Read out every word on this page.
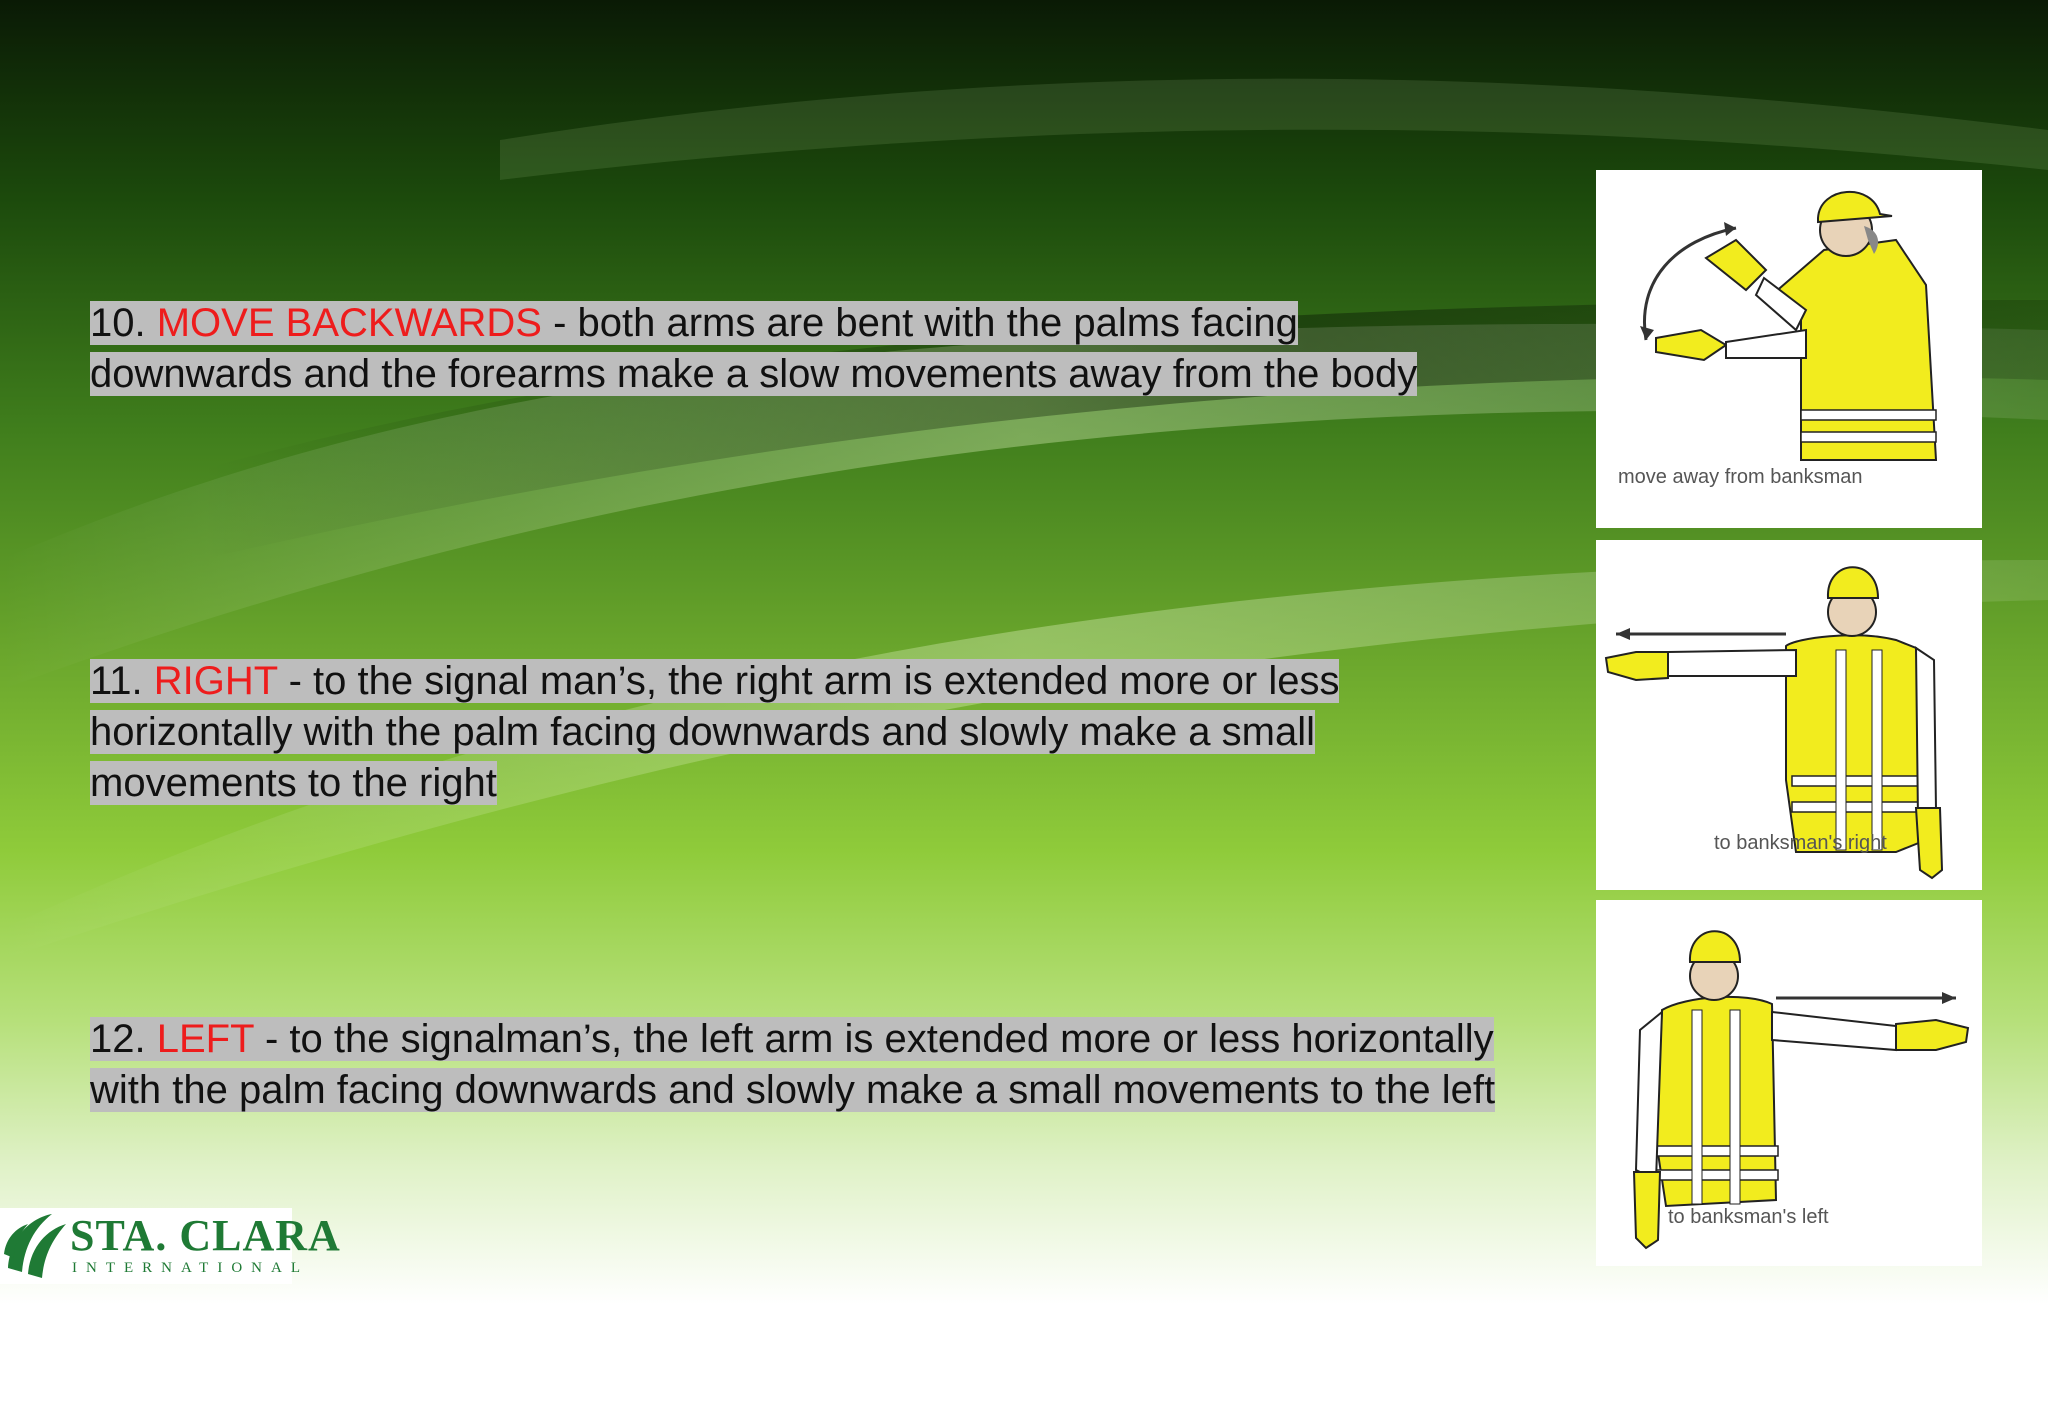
10. MOVE BACKWARDS - both arms are bent with the palms facing downwards and the forearms make a slow movements away from the body
11. RIGHT - to the signal man’s, the right arm is extended more or less horizontally with the palm facing downwards and slowly make a small movements to the right
12. LEFT - to the signalman’s, the left arm is extended more or less horizontally with the palm facing downwards and slowly make a small movements to the left
move away from banksman
to banksman's right
to banksman's left
STA. CLARA
INTERNATIONAL
